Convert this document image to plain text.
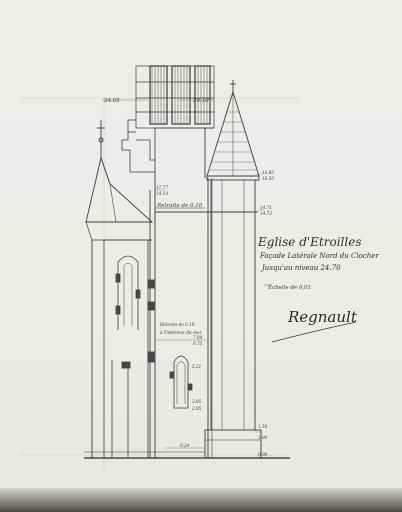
24.05	29.10
16.80
16.50
17.77
14.10
Retraite de 0.10	14.71
14.72
Retraite de 0.10
à l'intérieur du mur
7.00
6.75
5.21
3.85
2.95
1.50
1.00
0.24
0.00
Eglise d'Etroilles
Façade Latérale Nord du Clocher
Jusqu'au niveau 24.70
Echelle de 0,01
Regnault
